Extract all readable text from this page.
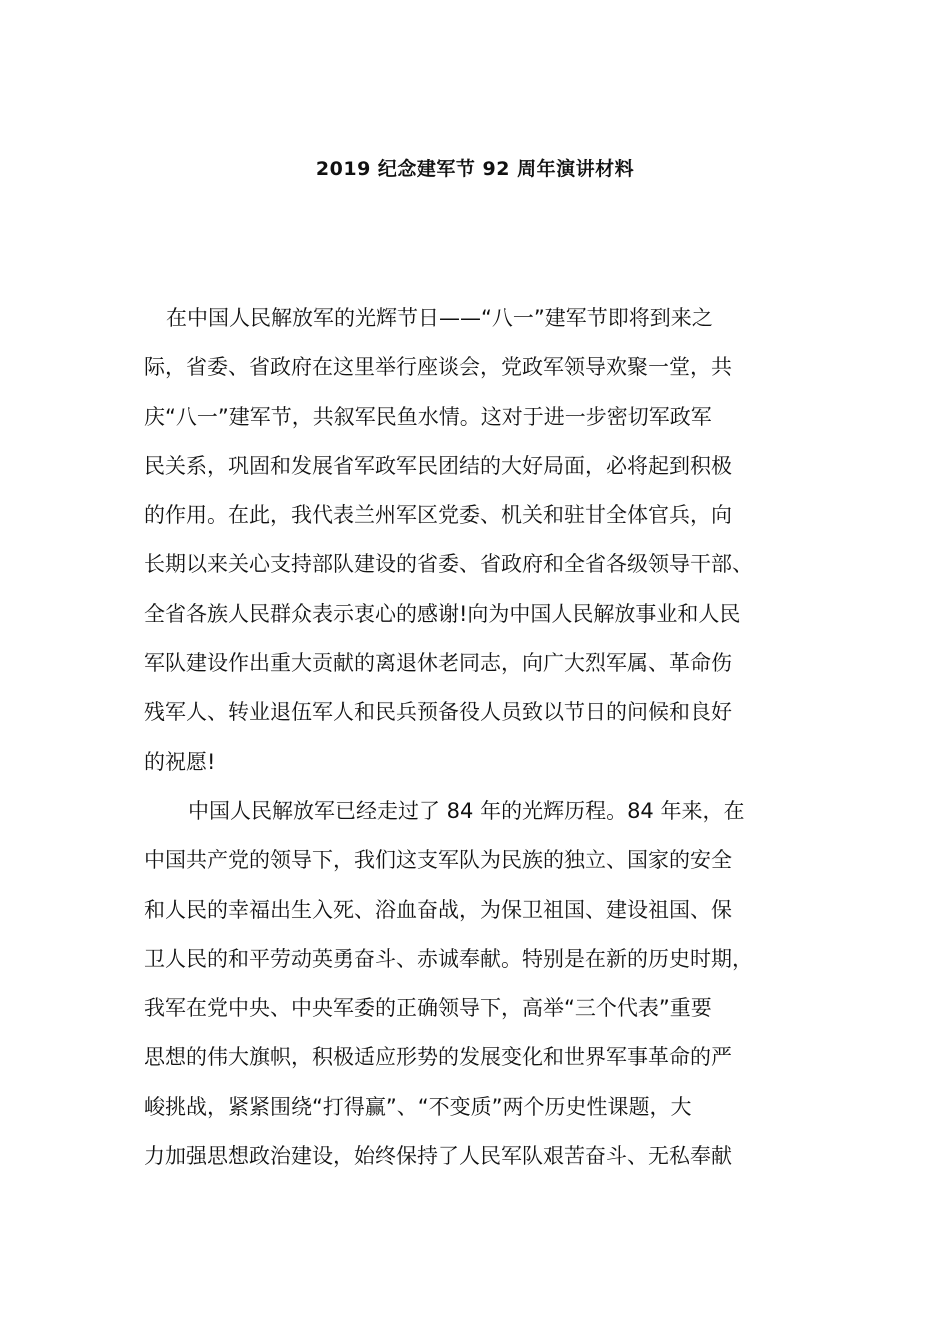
2019 纪念建军节 92 周年演讲材料
在中国人民解放军的光辉节日——“八一”建军节即将到来之
际，省委、省政府在这里举行座谈会，党政军领导欢聚一堂，共
庆“八一”建军节，共叙军民鱼水情。这对于进一步密切军政军
民关系，巩固和发展省军政军民团结的大好局面，必将起到积极
的作用。在此，我代表兰州军区党委、机关和驻甘全体官兵，向
长期以来关心支持部队建设的省委、省政府和全省各级领导干部、
全省各族人民群众表示衷心的感谢!向为中国人民解放事业和人民
军队建设作出重大贡献的离退休老同志，向广大烈军属、革命伤
残军人、转业退伍军人和民兵预备役人员致以节日的问候和良好
的祝愿!
中国人民解放军已经走过了 84 年的光辉历程。84 年来，在
中国共产党的领导下，我们这支军队为民族的独立、国家的安全
和人民的幸福出生入死、浴血奋战，为保卫祖国、建设祖国、保
卫人民的和平劳动英勇奋斗、赤诚奉献。特别是在新的历史时期，
我军在党中央、中央军委的正确领导下，高举“三个代表”重要
思想的伟大旗帜，积极适应形势的发展变化和世界军事革命的严
峻挑战，紧紧围绕“打得赢”、“不变质”两个历史性课题，大
力加强思想政治建设，始终保持了人民军队艰苦奋斗、无私奉献
